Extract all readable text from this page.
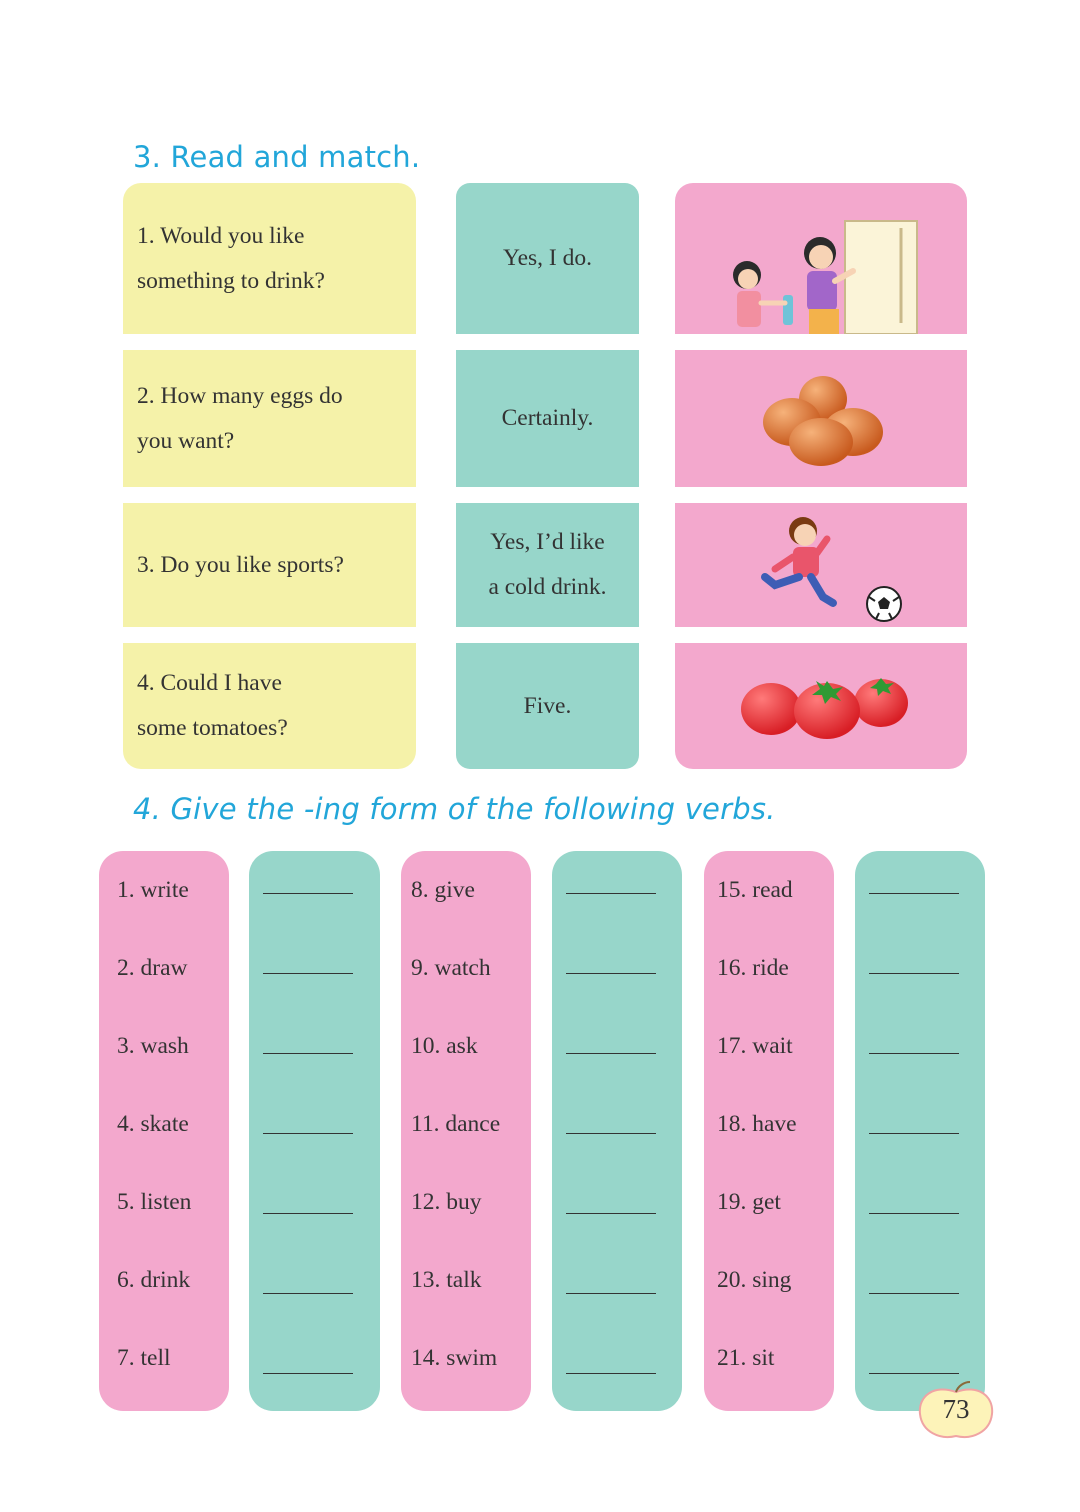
3. Read and match.
1. Would you like
something to drink?
Yes, I do.
2. How many eggs do
you want?
Certainly.
3. Do you like sports?
Yes, I’d like
a cold drink.
4. Could I have
some tomatoes?
Five.
4. Give the -ing form of the following verbs.
1. write
2. draw
3. wash
4. skate
5. listen
6. drink
7. tell
8. give
9. watch
10. ask
11. dance
12. buy
13. talk
14. swim
15. read
16. ride
17. wait
18. have
19. get
20. sing
21. sit
73
